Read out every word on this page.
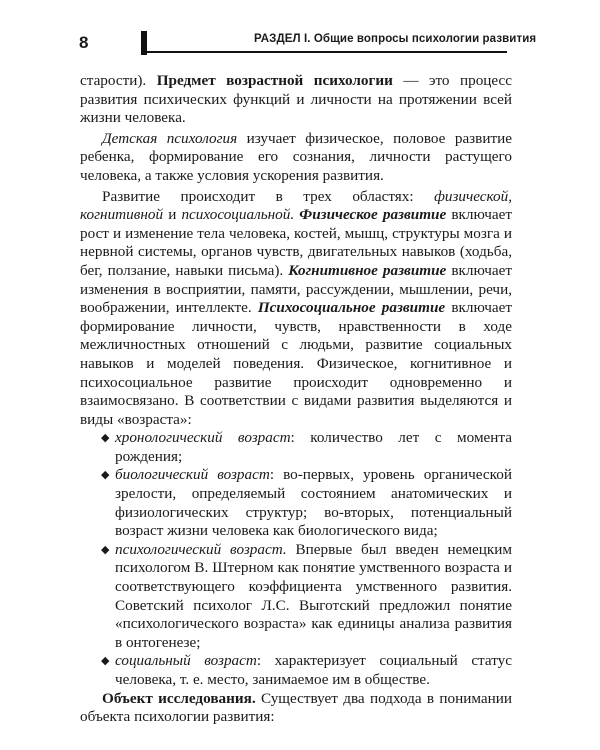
8	РАЗДЕЛ I. Общие вопросы психологии развития

старости). Предмет возрастной психологии — это процесс развития психических функций и личности на протяжении всей жизни человека.

Детская психология изучает физическое, половое развитие ребенка, формирование его сознания, личности растущего человека, а также условия ускорения развития.

Развитие происходит в трех областях: физической, когнитивной и психосоциальной. Физическое развитие включает рост и изменение тела человека, костей, мышц, структуры мозга и нервной системы, органов чувств, двигательных навыков (ходьба, бег, ползание, навыки письма). Когнитивное развитие включает изменения в восприятии, памяти, рассуждении, мышлении, речи, воображении, интеллекте. Психосоциальное развитие включает формирование личности, чувств, нравственности в ходе межличностных отношений с людьми, развитие социальных навыков и моделей поведения. Физическое, когнитивное и психосоциальное развитие происходит одновременно и взаимосвязано. В соответствии с видами развития выделяются и виды «возраста»:

◆ хронологический возраст: количество лет с момента рождения;
◆ биологический возраст: во-первых, уровень органической зрелости, определяемый состоянием анатомических и физиологических структур; во-вторых, потенциальный возраст жизни человека как биологического вида;
◆ психологический возраст. Впервые был введен немецким психологом В. Штерном как понятие умственного возраста и соответствующего коэффициента умственного развития. Советский психолог Л.С. Выготский предложил понятие «психологического возраста» как единицы анализа развития в онтогенезе;
◆ социальный возраст: характеризует социальный статус человека, т. е. место, занимаемое им в обществе.

Объект исследования. Существует два подхода в понимании объекта психологии развития:
